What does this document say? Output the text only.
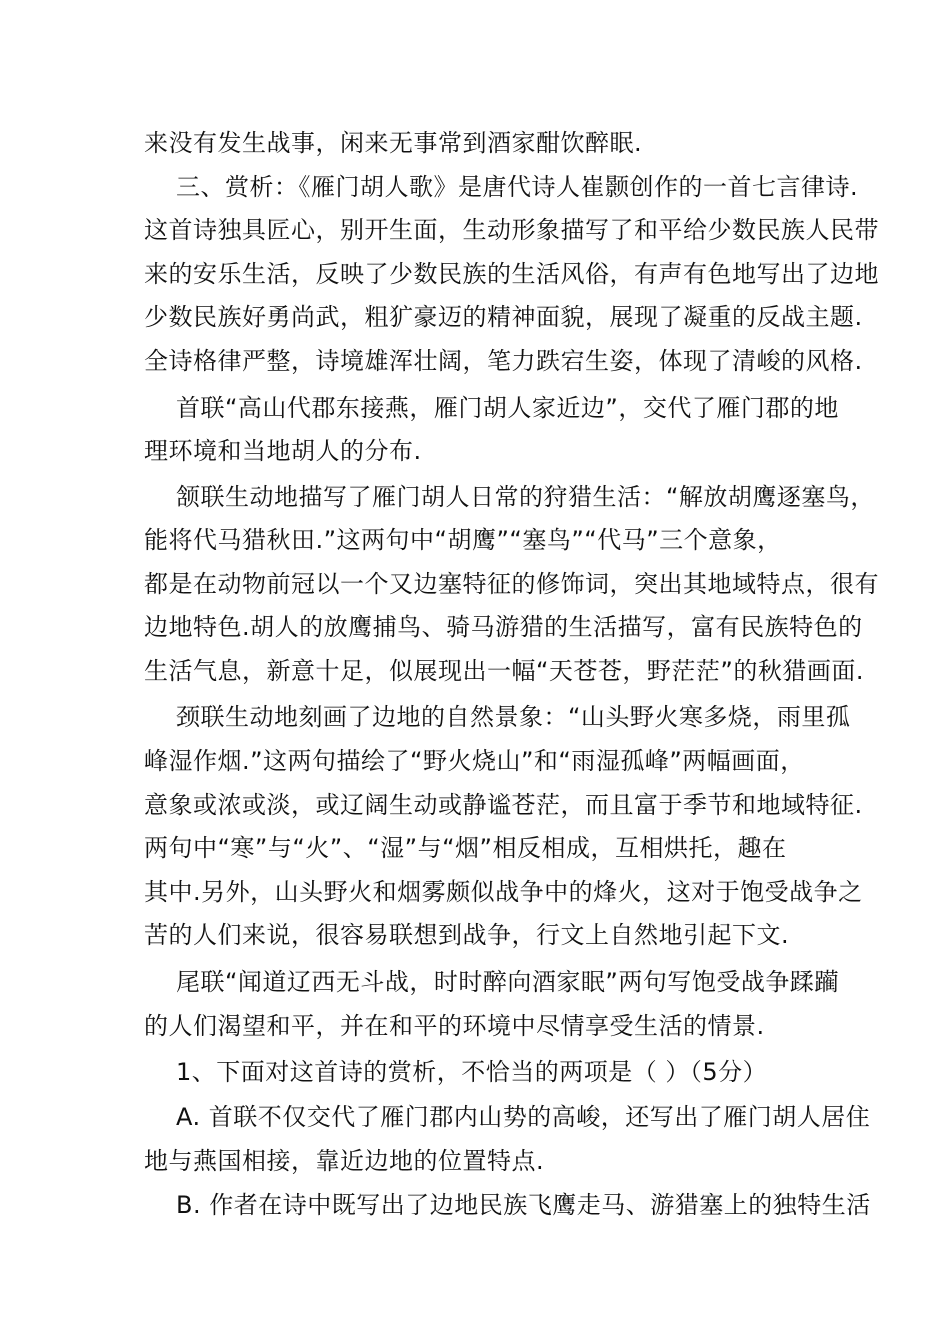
来没有发生战事，闲来无事常到酒家酣饮醉眠.
三、赏析：《雁门胡人歌》是唐代诗人崔颢创作的一首七言律诗.
这首诗独具匠心，别开生面，生动形象描写了和平给少数民族人民带
来的安乐生活，反映了少数民族的生活风俗，有声有色地写出了边地
少数民族好勇尚武，粗犷豪迈的精神面貌，展现了凝重的反战主题.
全诗格律严整，诗境雄浑壮阔，笔力跌宕生姿，体现了清峻的风格.
首联“高山代郡东接燕，雁门胡人家近边”，交代了雁门郡的地
理环境和当地胡人的分布.
颔联生动地描写了雁门胡人日常的狩猎生活：“解放胡鹰逐塞鸟，
能将代马猎秋田.”这两句中“胡鹰”“塞鸟”“代马”三个意象，
都是在动物前冠以一个又边塞特征的修饰词，突出其地域特点，很有
边地特色.胡人的放鹰捕鸟、骑马游猎的生活描写，富有民族特色的
生活气息，新意十足，似展现出一幅“天苍苍，野茫茫”的秋猎画面.
颈联生动地刻画了边地的自然景象：“山头野火寒多烧，雨里孤
峰湿作烟.”这两句描绘了“野火烧山”和“雨湿孤峰”两幅画面，
意象或浓或淡，或辽阔生动或静谧苍茫，而且富于季节和地域特征.
两句中“寒”与“火”、“湿”与“烟”相反相成，互相烘托，趣在
其中.另外，山头野火和烟雾颇似战争中的烽火，这对于饱受战争之
苦的人们来说，很容易联想到战争，行文上自然地引起下文.
尾联“闻道辽西无斗战，时时醉向酒家眠”两句写饱受战争蹂躏
的人们渴望和平，并在和平的环境中尽情享受生活的情景.
1、下面对这首诗的赏析，不恰当的两项是（ ）（5分）
A. 首联不仅交代了雁门郡内山势的高峻，还写出了雁门胡人居住
地与燕国相接，靠近边地的位置特点.
B. 作者在诗中既写出了边地民族飞鹰走马、游猎塞上的独特生活
